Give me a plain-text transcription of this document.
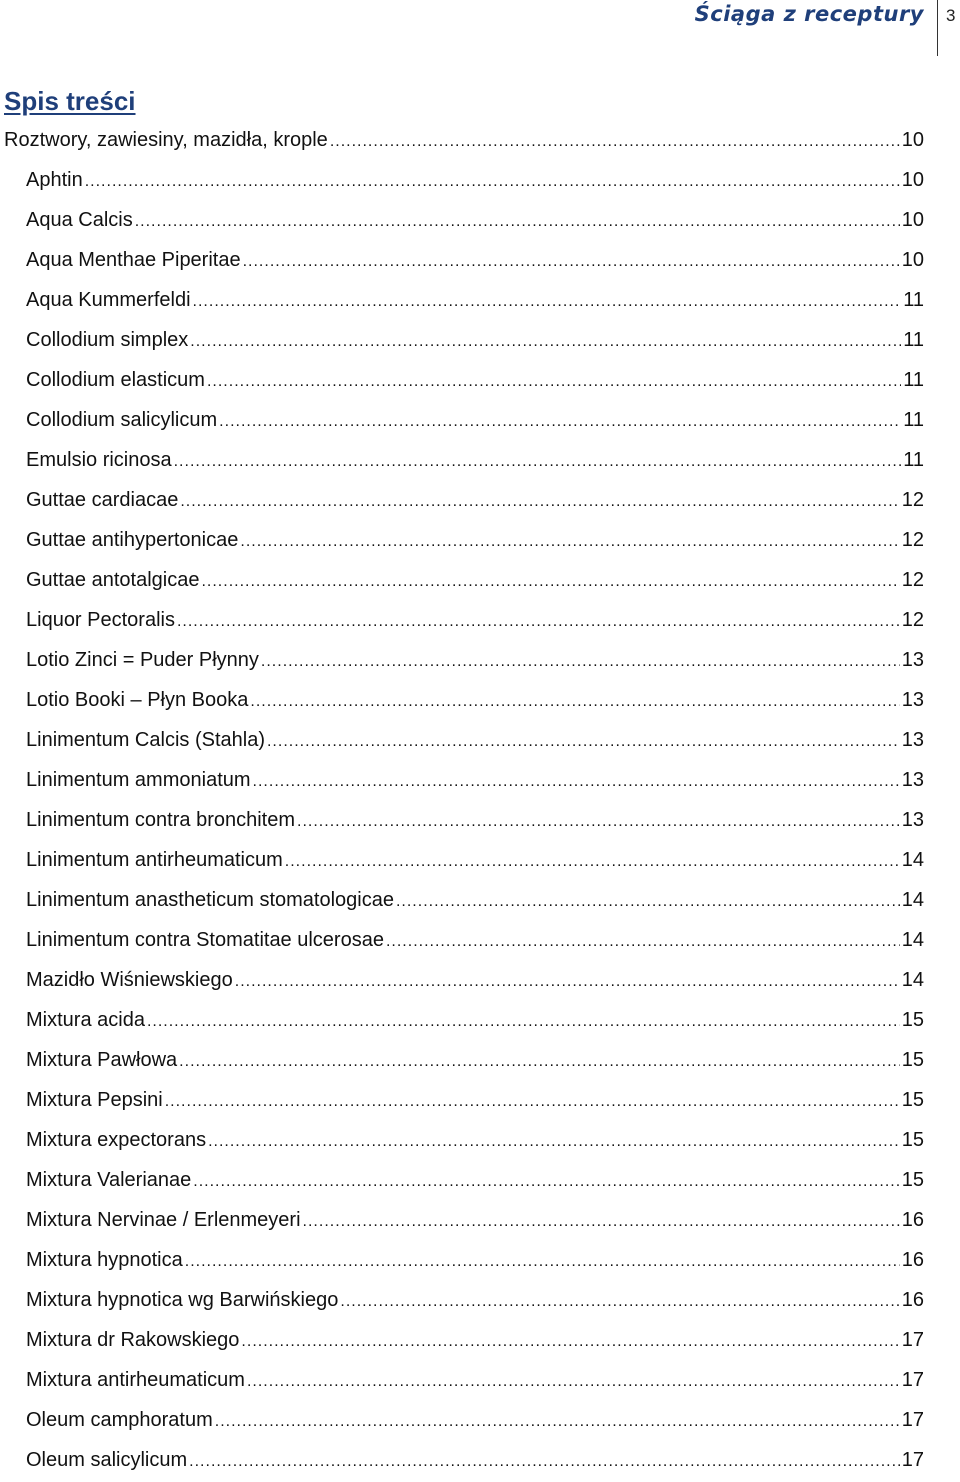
Ściąga z receptury 3
Spis treści
Roztwory, zawiesiny, mazidła, krople .....	10
Aphtin .....	10
Aqua Calcis .....	10
Aqua Menthae Piperitae .....	10
Aqua Kummerfeldi .....	11
Collodium simplex .....	11
Collodium elasticum .....	11
Collodium salicylicum .....	11
Emulsio ricinosa .....	11
Guttae cardiacae .....	12
Guttae antihypertonicae .....	12
Guttae antotalgicae .....	12
Liquor Pectoralis .....	12
Lotio Zinci = Puder Płynny .....	13
Lotio Booki – Płyn Booka .....	13
Linimentum Calcis (Stahla) .....	13
Linimentum ammoniatum .....	13
Linimentum contra bronchitem .....	13
Linimentum antirheumaticum .....	14
Linimentum anastheticum stomatologicae .....	14
Linimentum contra Stomatitae ulcerosae .....	14
Mazidło Wiśniewskiego .....	14
Mixtura acida .....	15
Mixtura Pawłowa .....	15
Mixtura Pepsini .....	15
Mixtura expectorans .....	15
Mixtura Valerianae .....	15
Mixtura Nervinae / Erlenmeyeri .....	16
Mixtura hypnotica .....	16
Mixtura hypnotica wg Barwińskiego .....	16
Mixtura dr Rakowskiego .....	17
Mixtura antirheumaticum .....	17
Oleum camphoratum .....	17
Oleum salicylicum .....	17
